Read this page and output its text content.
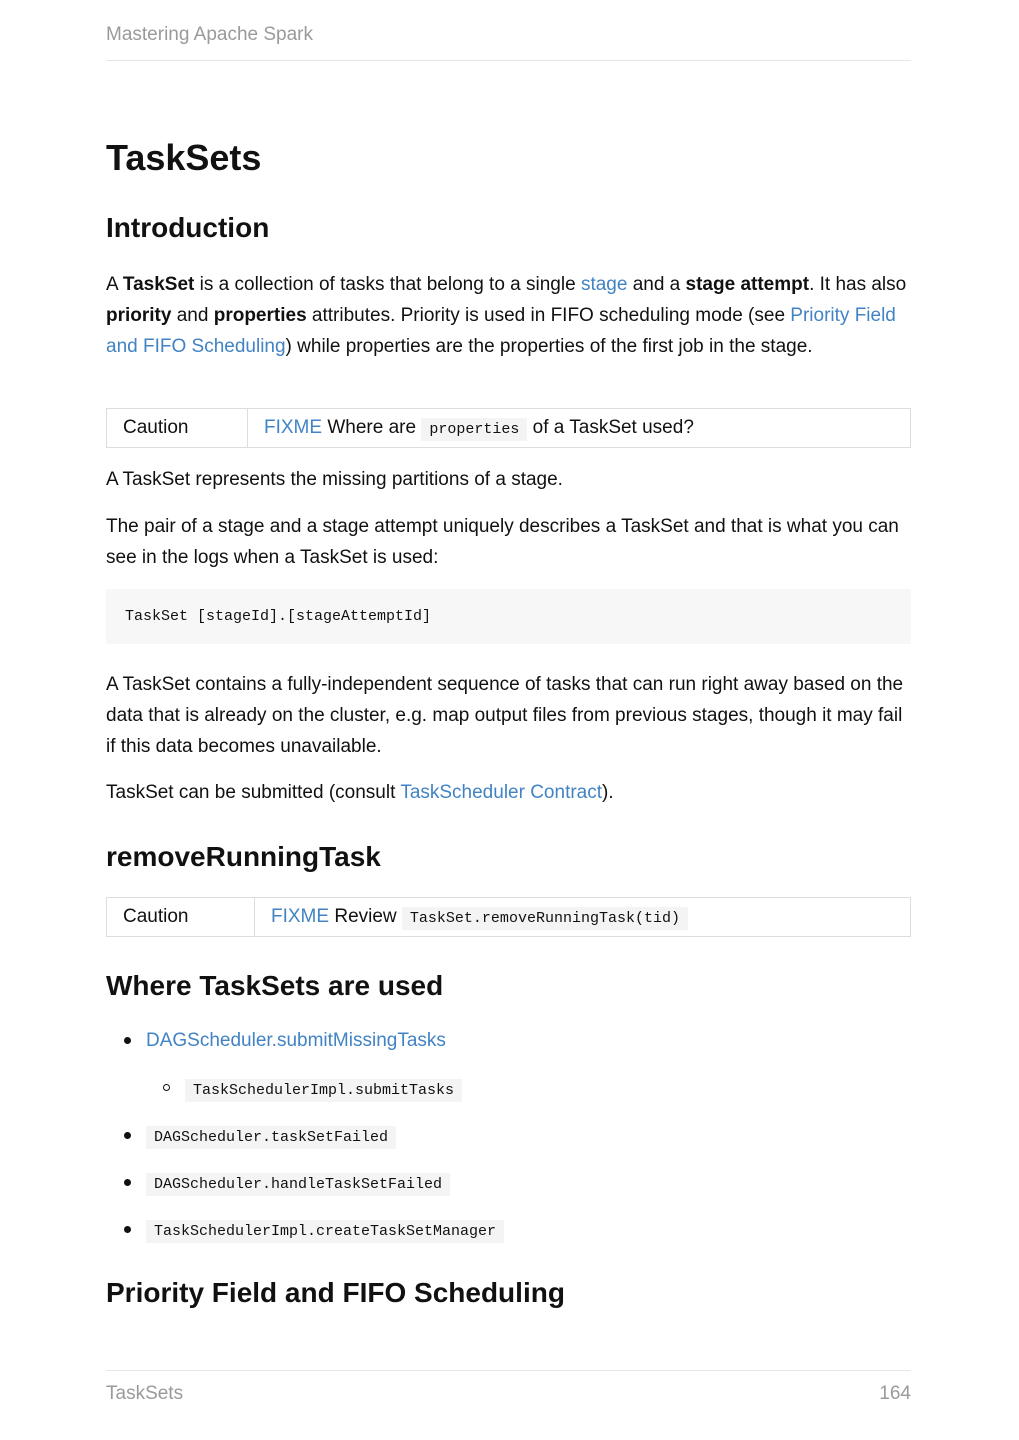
Mastering Apache Spark
TaskSets
Introduction

A TaskSet is a collection of tasks that belong to a single stage and a stage attempt. It has also priority and properties attributes. Priority is used in FIFO scheduling mode (see Priority Field and FIFO Scheduling) while properties are the properties of the first job in the stage.

Caution	FIXME Where are properties of a TaskSet used?

A TaskSet represents the missing partitions of a stage.

The pair of a stage and a stage attempt uniquely describes a TaskSet and that is what you can see in the logs when a TaskSet is used:

TaskSet [stageId].[stageAttemptId]

A TaskSet contains a fully-independent sequence of tasks that can run right away based on the data that is already on the cluster, e.g. map output files from previous stages, though it may fail if this data becomes unavailable.

TaskSet can be submitted (consult TaskScheduler Contract).

removeRunningTask
Caution	FIXME Review TaskSet.removeRunningTask(tid)
Where TaskSets are used
DAGScheduler.submitMissingTasks
TaskSchedulerImpl.submitTasks
DAGScheduler.taskSetFailed
DAGScheduler.handleTaskSetFailed
TaskSchedulerImpl.createTaskSetManager
Priority Field and FIFO Scheduling
TaskSets	164
